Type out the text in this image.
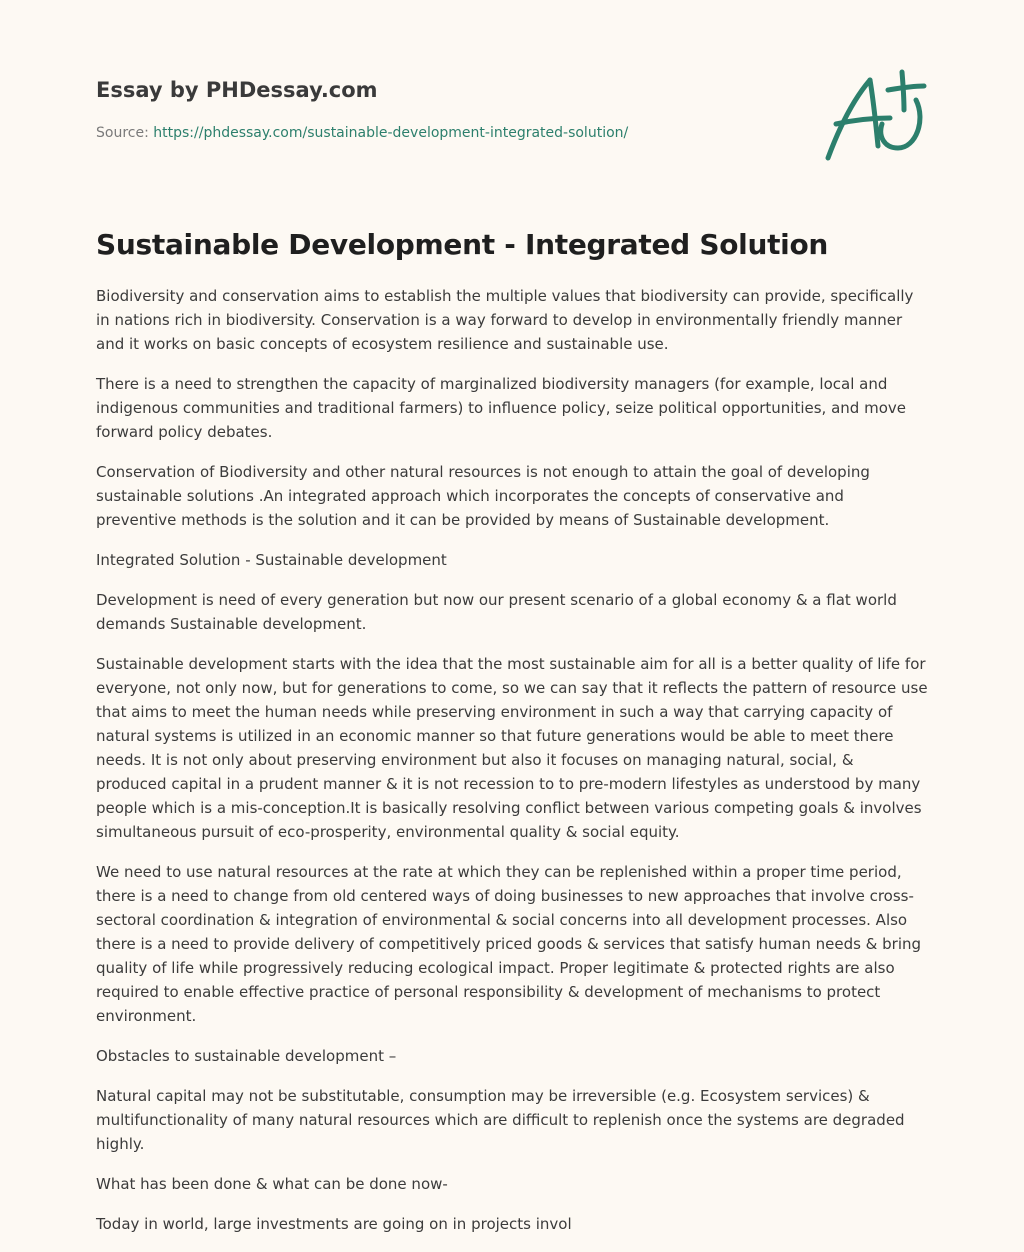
Essay by PHDessay.com
Source: https://phdessay.com/sustainable-development-integrated-solution/
Sustainable Development - Integrated Solution

Biodiversity and conservation aims to establish the multiple values that biodiversity can provide, specifically in nations rich in biodiversity. Conservation is a way forward to develop in environmentally friendly manner and it works on basic concepts of ecosystem resilience and sustainable use.

There is a need to strengthen the capacity of marginalized biodiversity managers (for example, local and indigenous communities and traditional farmers) to influence policy, seize political opportunities, and move forward policy debates.

Conservation of Biodiversity and other natural resources is not enough to attain the goal of developing sustainable solutions .An integrated approach which incorporates the concepts of conservative and preventive methods is the solution and it can be provided by means of Sustainable development.

Integrated Solution - Sustainable development

Development is need of every generation but now our present scenario of a global economy & a flat world demands Sustainable development.

Sustainable development starts with the idea that the most sustainable aim for all is a better quality of life for everyone, not only now, but for generations to come, so we can say that it reflects the pattern of resource use that aims to meet the human needs while preserving environment in such a way that carrying capacity of natural systems is utilized in an economic manner so that future generations would be able to meet there needs. It is not only about preserving environment but also it focuses on managing natural, social, & produced capital in a prudent manner & it is not recession to to pre-modern lifestyles as understood by many people which is a mis-conception.It is basically resolving conflict between various competing goals & involves simultaneous pursuit of eco-prosperity, environmental quality & social equity.

We need to use natural resources at the rate at which they can be replenished within a proper time period, there is a need to change from old centered ways of doing businesses to new approaches that involve cross-sectoral coordination & integration of environmental & social concerns into all development processes. Also there is a need to provide delivery of competitively priced goods & services that satisfy human needs & bring quality of life while progressively reducing ecological impact. Proper legitimate & protected rights are also required to enable effective practice of personal responsibility & development of mechanisms to protect environment.

Obstacles to sustainable development –

Natural capital may not be substitutable, consumption may be irreversible (e.g. Ecosystem services) & multifunctionality of many natural resources which are difficult to replenish once the systems are degraded highly.

What has been done & what can be done now-

Today in world, large investments are going on in projects invol
